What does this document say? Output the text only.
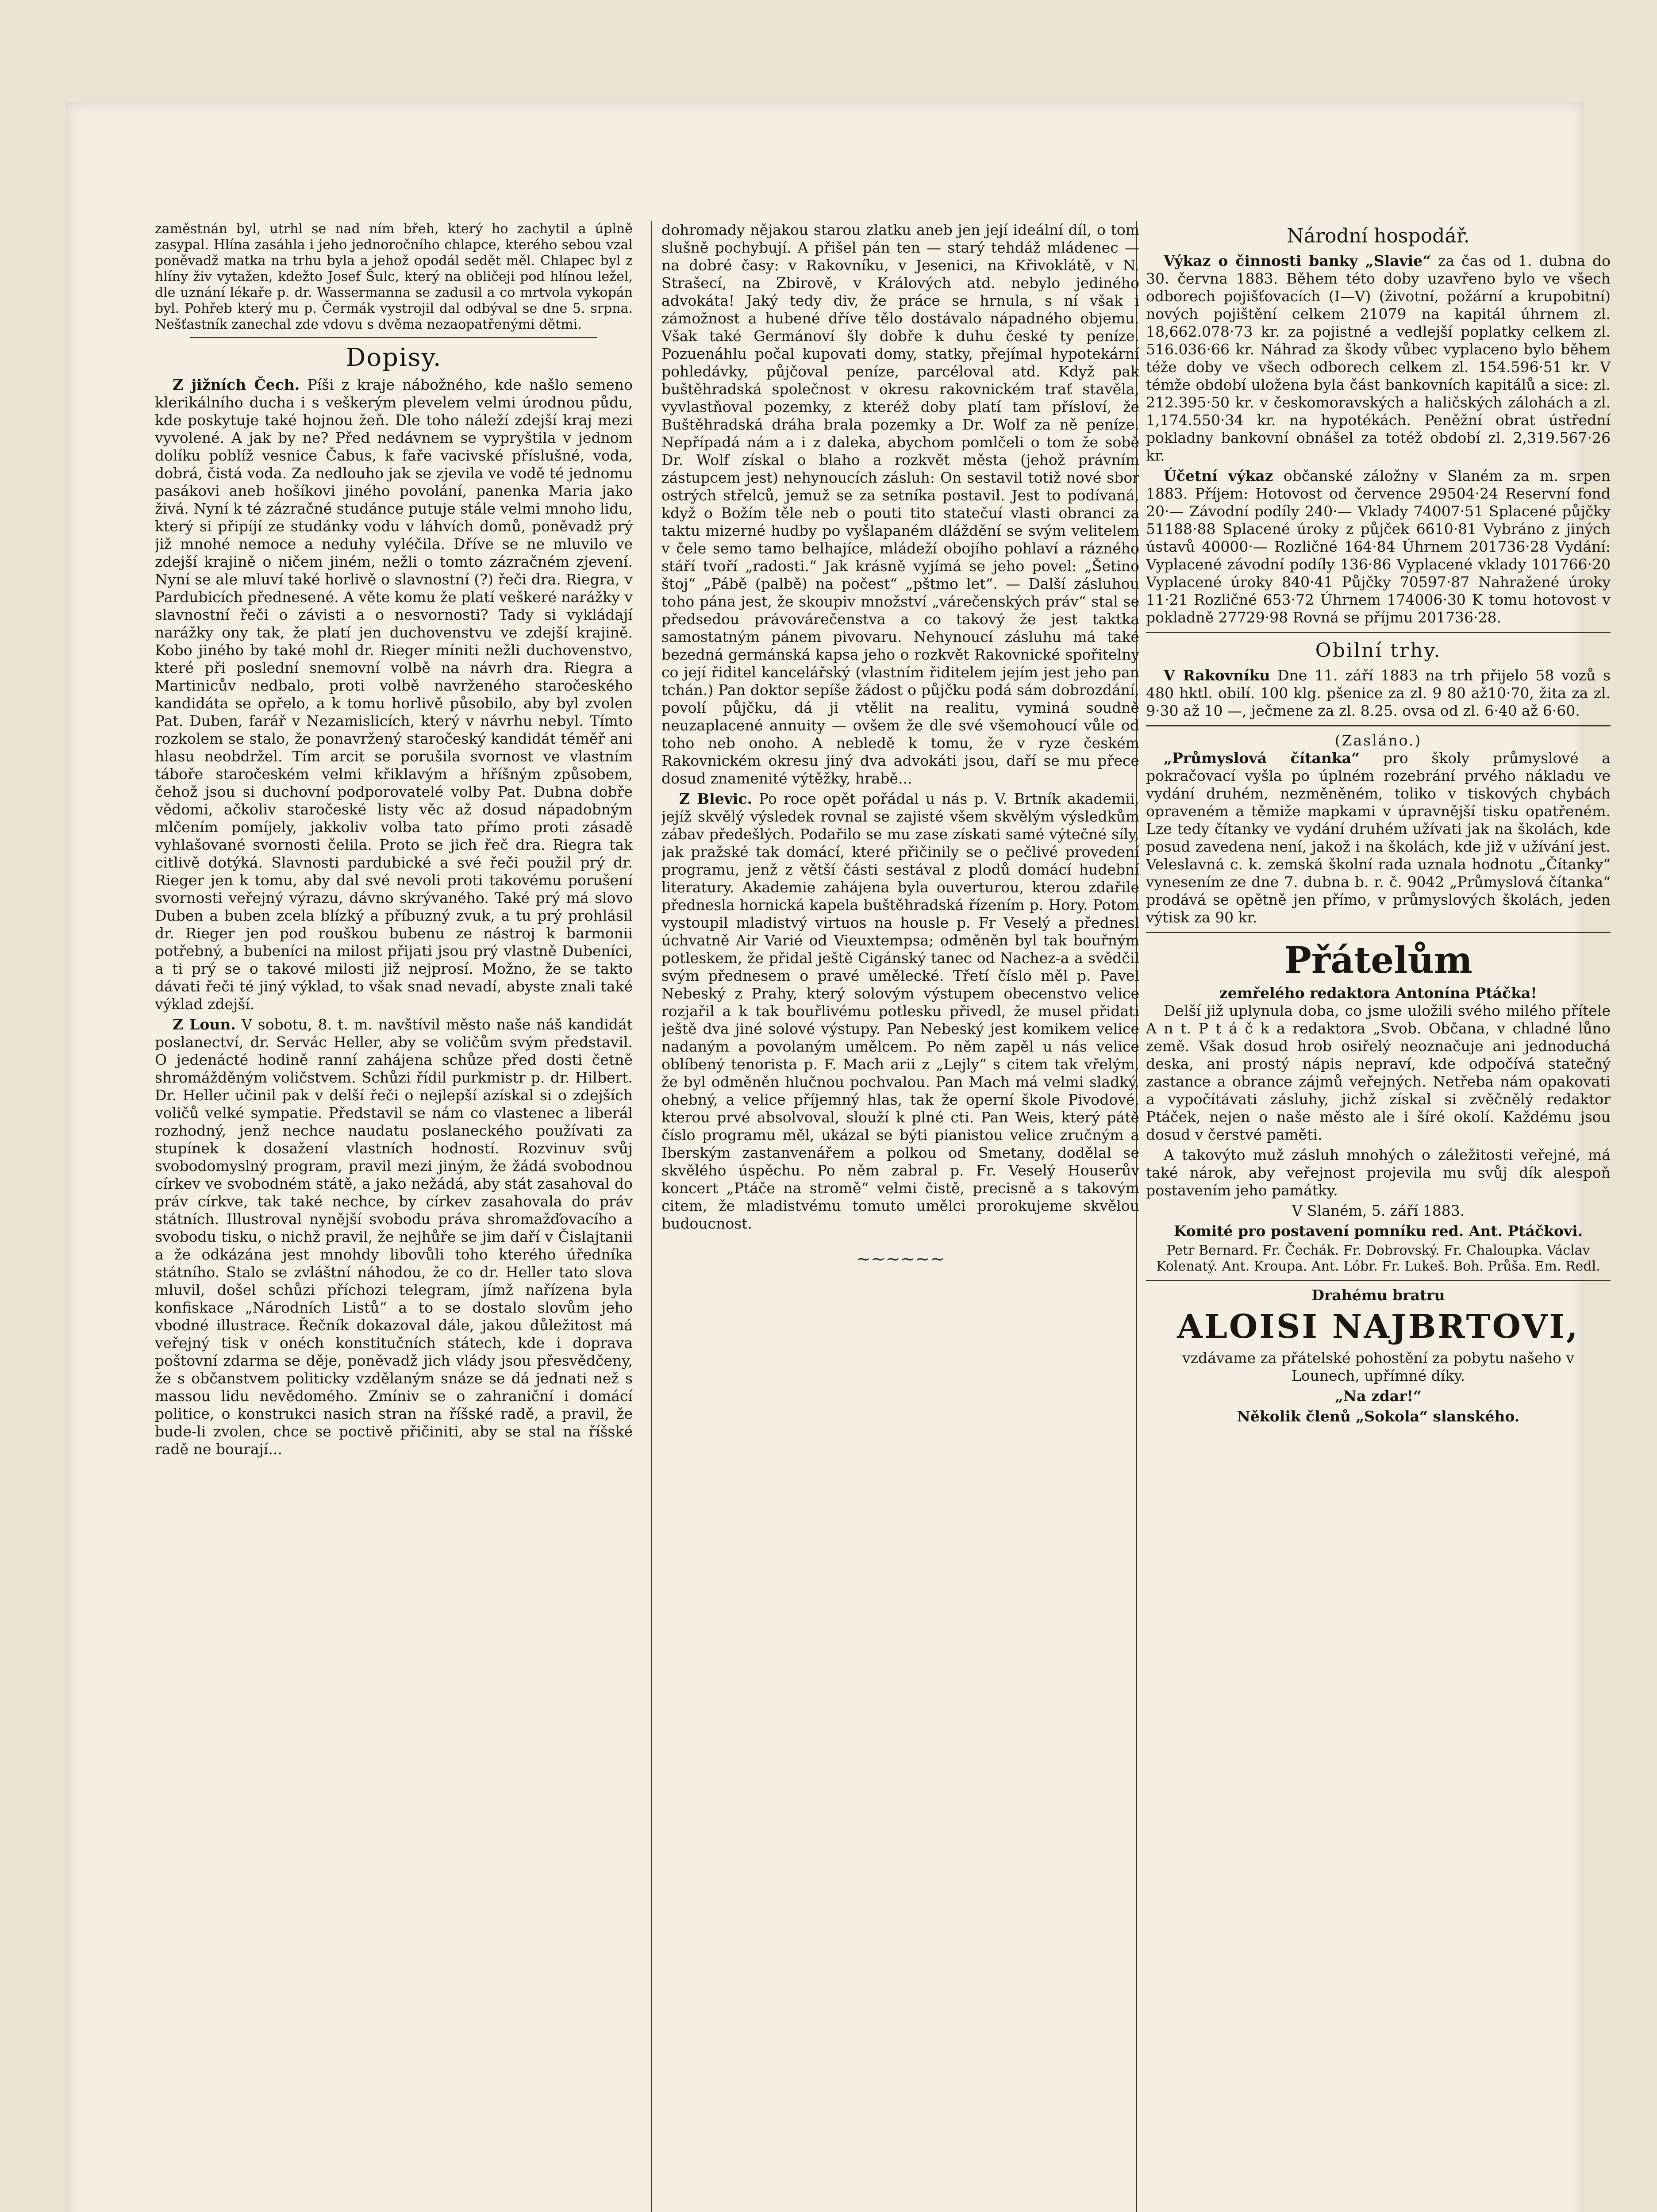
zaměstnán byl, utrhl se nad ním břeh, který ho zachytil a úplně zasypal. Hlína zasáhla i jeho jednoročního chlapce, kterého sebou vzal poněvadž matka na trhu byla a jehož opodál sedět měl. Chlapec byl z hlíny živ vytažen, kdežto Josef Šulc, který na obličeji pod hlínou ležel, dle uznání lékaře p. dr. Wassermanna se zadusil a co mrtvola vykopán byl. Pohřeb který mu p. Čermák vystrojil dal odbýval se dne 5. srpna. Nešťastník zanechal zde vdovu s dvěma nezaopatřenými dětmi.

Dopisy.

Z jižních Čech. Píši z kraje nábožného, kde našlo semeno klerikálního ducha i s veškerým plevelem velmi úrodnou půdu, kde poskytuje také hojnou žeň. Dle toho náleží zdejší kraj mezi vyvolené. A jak by ne? Před nedávnem se vypryštila v jednom dolíku poblíž vesnice Čabus, k faře vacivské příslušné, voda, dobrá, čistá voda. Za nedlouho jak se zjevila ve vodě té jednomu pasákovi aneb hošíkovi jiného povolání, panenka Maria jako živá. Nyní k té zázračné studánce putuje stále velmi mnoho lidu, který si připíjí ze studánky vodu v láhvích domů, poněvadž prý již mnohé nemoce a neduhy vyléčila. Dříve se ne mluvilo ve zdejší krajině o ničem jiném, nežli o tomto zázračném zjevení. Nyní se ale mluví také horlivě o slavnostní (?) řeči dra. Riegra, v Pardubicích přednesené. A věte komu že platí veškeré narážky v slavnostní řeči o závisti a o nesvornosti? Tady si vykládají narážky ony tak, že platí jen duchovenstvu ve zdejší krajině. Kobo jiného by také mohl dr. Rieger míniti nežli duchovenstvo, které při poslední snemovní volbě na návrh dra. Riegra a Martinicův nedbalo, proti volbě navrženého staročeského kandidáta se opřelo, a k tomu horlivě působilo, aby byl zvolen Pat. Duben, farář v Nezamislicích, který v návrhu nebyl. Tímto rozkolem se stalo, že ponavržený staročeský kandidát téměř ani hlasu neobdržel. Tím arcit se porušila svornost ve vlastním táboře staročeském velmi křiklavým a hříšným způsobem, čehož jsou si duchovní podporovatelé volby Pat. Dubna dobře vědomi, ačkoliv staročeské listy věc až dosud nápadobným mlčením pomíjely, jakkoliv volba tato přímo proti zásadě vyhlašované svornosti čelila. Proto se jich řeč dra. Riegra tak citlivě dotýká. Slavnosti pardubické a své řeči použil prý dr. Rieger jen k tomu, aby dal své nevoli proti takovému porušení svornosti veřejný výrazu, dávno skrývaného. Také prý má slovo Duben a buben zcela blízký a příbuzný zvuk, a tu prý prohlásil dr. Rieger jen pod rouškou bubenu ze nástroj k barmonii potřebný, a bubeníci na milost přijati jsou prý vlastně Dubeníci, a ti prý se o takové milosti již nejprosí. Možno, že se takto dávati řeči té jiný výklad, to však snad nevadí, abyste znali také výklad zdejší.

Z Loun. V sobotu, 8. t. m. navštívil město naše náš kandidát poslanectví, dr. Servác Heller, aby se voličům svým představil. O jedenácté hodině ranní zahájena schůze před dosti četně shromážděným voličstvem. Schůzi řídil purkmistr p. dr. Hilbert. Dr. Heller učinil pak v delší řeči o nejlepší azískal si o zdejších voličů velké sympatie. Představil se nám co vlastenec a liberál rozhodný, jenž nechce naudatu poslaneckého používati za stupínek k dosažení vlastních hodností. Rozvinuv svůj svobodomyslný program, pravil mezi jiným, že žádá svobodnou církev ve svobodném státě, a jako nežádá, aby stát zasahoval do práv církve, tak také nechce, by církev zasahovala do práv státních. Illustroval nynější svobodu práva shromažďovacího a svobodu tisku, o nichž pravil, že nejhůře se jim daří v Čislajtanii a že odkázána jest mnohdy libovůli toho kterého úředníka státního. Stalo se zvláštní náhodou, že co dr. Heller tato slova mluvil, došel schůzi příchozi telegram, jímž nařízena byla konfiskace „Národních Listů“ a to se dostalo slovům jeho vbodné illustrace. Řečník dokazoval dále, jakou důležitost má veřejný tisk v onéch konstitučních státech, kde i doprava poštovní zdarma se děje, poněvadž jich vlády jsou přesvědčeny, že s občanstvem politicky vzdělaným snáze se dá jednati než s massou lidu nevědomého. Zmíniv se o zahraniční i domácí politice, o konstrukci nasich stran na říšské radě, a pravil, že bude-li zvolen, chce se poctivě přičiniti, aby se stal na říšské radě ne bourají...

dohromady nějakou starou zlatku aneb jen její ideální díl, o tom slušně pochybují. A přišel pán ten — starý tehdáž mládenec — na dobré časy: v Rakovníku, v Jesenici, na Křivoklátě, v N. Strašecí, na Zbirově, v Králových atd. nebylo jediného advokáta! Jaký tedy div, že práce se hrnula, s ní však i zámožnost a hubené dříve tělo dostávalo nápadného objemu. Však také Germánoví šly dobře k duhu české ty peníze. Pozuenáhlu počal kupovati domy, statky, přejímal hypotekární pohledávky, půjčoval peníze, parcéloval atd. Když pak buštěhradská společnost v okresu rakovnickém trať stavěla, vyvlastňoval pozemky, z kteréž doby platí tam přísloví, že Buštěhradská dráha brala pozemky a Dr. Wolf za ně peníze. Nepřípadá nám a i z daleka, abychom pomlčeli o tom že sobě Dr. Wolf získal o blaho a rozkvět města (jehož právním zástupcem jest) nehynoucích zásluh: On sestavil totiž nové sbor ostrých střelců, jemuž se za setníka postavil. Jest to podívaná, když o Božím těle neb o pouti tito statečuí vlasti obranci za taktu mizerné hudby po vyšlapaném dláždění se svým velitelem v čele semo tamo belhajíce, mládeží obojího pohlaví a rázného stáří tvoří „radosti.“ Jak krásně vyjímá se jeho povel: „Šetino štoj“ „Pábě (palbě) na počest“ „pštmo let“. — Další zásluhou toho pána jest, že skoupiv množství „várečenských práv“ stal se předsedou právovárečenstva a co takový že jest taktka samostatným pánem pivovaru. Nehynoucí zásluhu má také bezedná germánská kapsa jeho o rozkvět Rakovnické spořitelny co její řiditel kancelářský (vlastním řiditelem jejím jest jeho pan tchán.) Pan doktor sepíše žádost o půjčku podá sám dobrozdání, povolí půjčku, dá ji vtělit na realitu, vyminá soudně neuzaplacené annuity — ovšem že dle své všemohoucí vůle od toho neb onoho. A nebledě k tomu, že v ryze českém Rakovnickém okresu jiný dva advokáti jsou, daří se mu přece dosud znamenité výtěžky, hrabě...

Z Blevic. Po roce opět pořádal u nás p. V. Brtník akademii, jejíž skvělý výsledek rovnal se zajisté všem skvělým výsledkům zábav předešlých. Podařilo se mu zase získati samé výtečné síly, jak pražské tak domácí, které přičinily se o pečlivé provedení programu, jenž z větší části sestával z plodů domácí hudební literatury. Akademie zahájena byla ouverturou, kterou zdařile přednesla hornická kapela buštěhradská řízením p. Hory. Potom vystoupil mladistvý virtuos na housle p. Fr Veselý a přednesl úchvatně Air Varié od Vieuxtempsa; odměněn byl tak bouřným potleskem, že přidal ještě Cigánský tanec od Nachez-a a svědčil svým přednesem o pravé umělecké. Třetí číslo měl p. Pavel Nebeský z Prahy, který solovým výstupem obecenstvo velice rozjařil a k tak bouřlivému potlesku přivedl, že musel přidati ještě dva jiné solové výstupy. Pan Nebeský jest komikem velice nadaným a povolaným umělcem. Po něm zapěl u nás velice oblíbený tenorista p. F. Mach arii z „Lejly“ s citem tak vřelým, že byl odměněn hlučnou pochvalou. Pan Mach má velmi sladký, ohebný, a velice příjemný hlas, tak že operní škole Pivodové, kterou prvé absolvoval, slouží k plné cti. Pan Weis, který pátě číslo programu měl, ukázal se býti pianistou velice zručným a Iberským zastanvenářem a polkou od Smetany, dodělal se skvělého úspěchu. Po něm zabral p. Fr. Veselý Houserův koncert „Ptáče na stromě“ velmi čistě, precisně a s takovým citem, že mladistvému tomuto umělci prorokujeme skvělou budoucnost.

~~~~~~
Národní hospodář.

Výkaz o činnosti banky „Slavie“ za čas od 1. dubna do 30. června 1883. Během této doby uzavřeno bylo ve všech odborech pojišťovacích (I—V) (životní, požární a krupobitní) nových pojištění celkem 21079 na kapitál úhrnem zl. 18,662.078·73 kr. za pojistné a vedlejší poplatky celkem zl. 516.036·66 kr. Náhrad za škody vůbec vyplaceno bylo během téže doby ve všech odborech celkem zl. 154.596·51 kr. V témže období uložena byla část bankovních kapitálů a sice: zl. 212.395·50 kr. v českomoravských a haličských zálohách a zl. 1,174.550·34 kr. na hypotékách. Peněžní obrat ústřední pokladny bankovní obnášel za totéž období zl. 2,319.567·26 kr.

Účetní výkaz občanské záložny v Slaném za m. srpen 1883. Příjem: Hotovost od července 29504·24 Reservní fond 20·— Závodní podíly 240·— Vklady 74007·51 Splacené půjčky 51188·88 Splacené úroky z půjček 6610·81 Vybráno z jiných ústavů 40000·— Rozličné 164·84 Úhrnem 201736·28 Vydání: Vyplacené závodní podíly 136·86 Vyplacené vklady 101766·20 Vyplacené úroky 840·41 Půjčky 70597·87 Nahražené úroky 11·21 Rozličné 653·72 Úhrnem 174006·30 K tomu hotovost v pokladně 27729·98 Rovná se příjmu 201736·28.

Obilní trhy.

V Rakovníku Dne 11. září 1883 na trh přijelo 58 vozů s 480 hktl. obilí. 100 klg. pšenice za zl. 9 80 až10·70, žita za zl. 9·30 až 10 —, ječmene za zl. 8.25. ovsa od zl. 6·40 až 6·60.

(Zasláno.)

„Průmyslová čítanka“ pro školy průmyslové a pokračovací vyšla po úplném rozebrání prvého nákladu ve vydání druhém, nezměněném, toliko v tiskových chybách opraveném a těmiže mapkami v úpravnější tisku opatřeném. Lze tedy čítanky ve vydání druhém užívati jak na školách, kde posud zavedena není, jakož i na školách, kde již v užívání jest. Veleslavná c. k. zemská školní rada uznala hodnotu „Čítanky“ vynesením ze dne 7. dubna b. r. č. 9042 „Průmyslová čítanka“ prodává se opětně jen přímo, v průmyslových školách, jeden výtisk za 90 kr.

Přátelům
zemřelého redaktora Antonína Ptáčka!

Delší již uplynula doba, co jsme uložili svého milého přítele A n t. P t á č k a redaktora „Svob. Občana, v chladné lůno země. Však dosud hrob osiřelý neoznačuje ani jednoduchá deska, ani prostý nápis nepraví, kde odpočívá statečný zastance a obrance zájmů veřejných. Netřeba nám opakovati a vypočítávati zásluhy, jichž získal si zvěčnělý redaktor Ptáček, nejen o naše město ale i šíré okolí. Každému jsou dosud v čerstvé paměti.

A takovýto muž zásluh mnohých o záležitosti veřejné, má také nárok, aby veřejnost projevila mu svůj dík alespoň postavením jeho památky.

V Slaném, 5. září 1883.

Komité pro postavení pomníku red. Ant. Ptáčkovi.

Petr Bernard. Fr. Čechák. Fr. Dobrovský. Fr. Chaloupka. Václav Kolenatý. Ant. Kroupa. Ant. Lóbr. Fr. Lukeš. Boh. Průša. Em. Redl.

Drahému bratru

ALOISI NAJBRTOVI,

vzdávame za přátelské pohostění za pobytu našeho v Lounech, upřímné díky.

„Na zdar!“

Několik členů „Sokola“ slanského.
